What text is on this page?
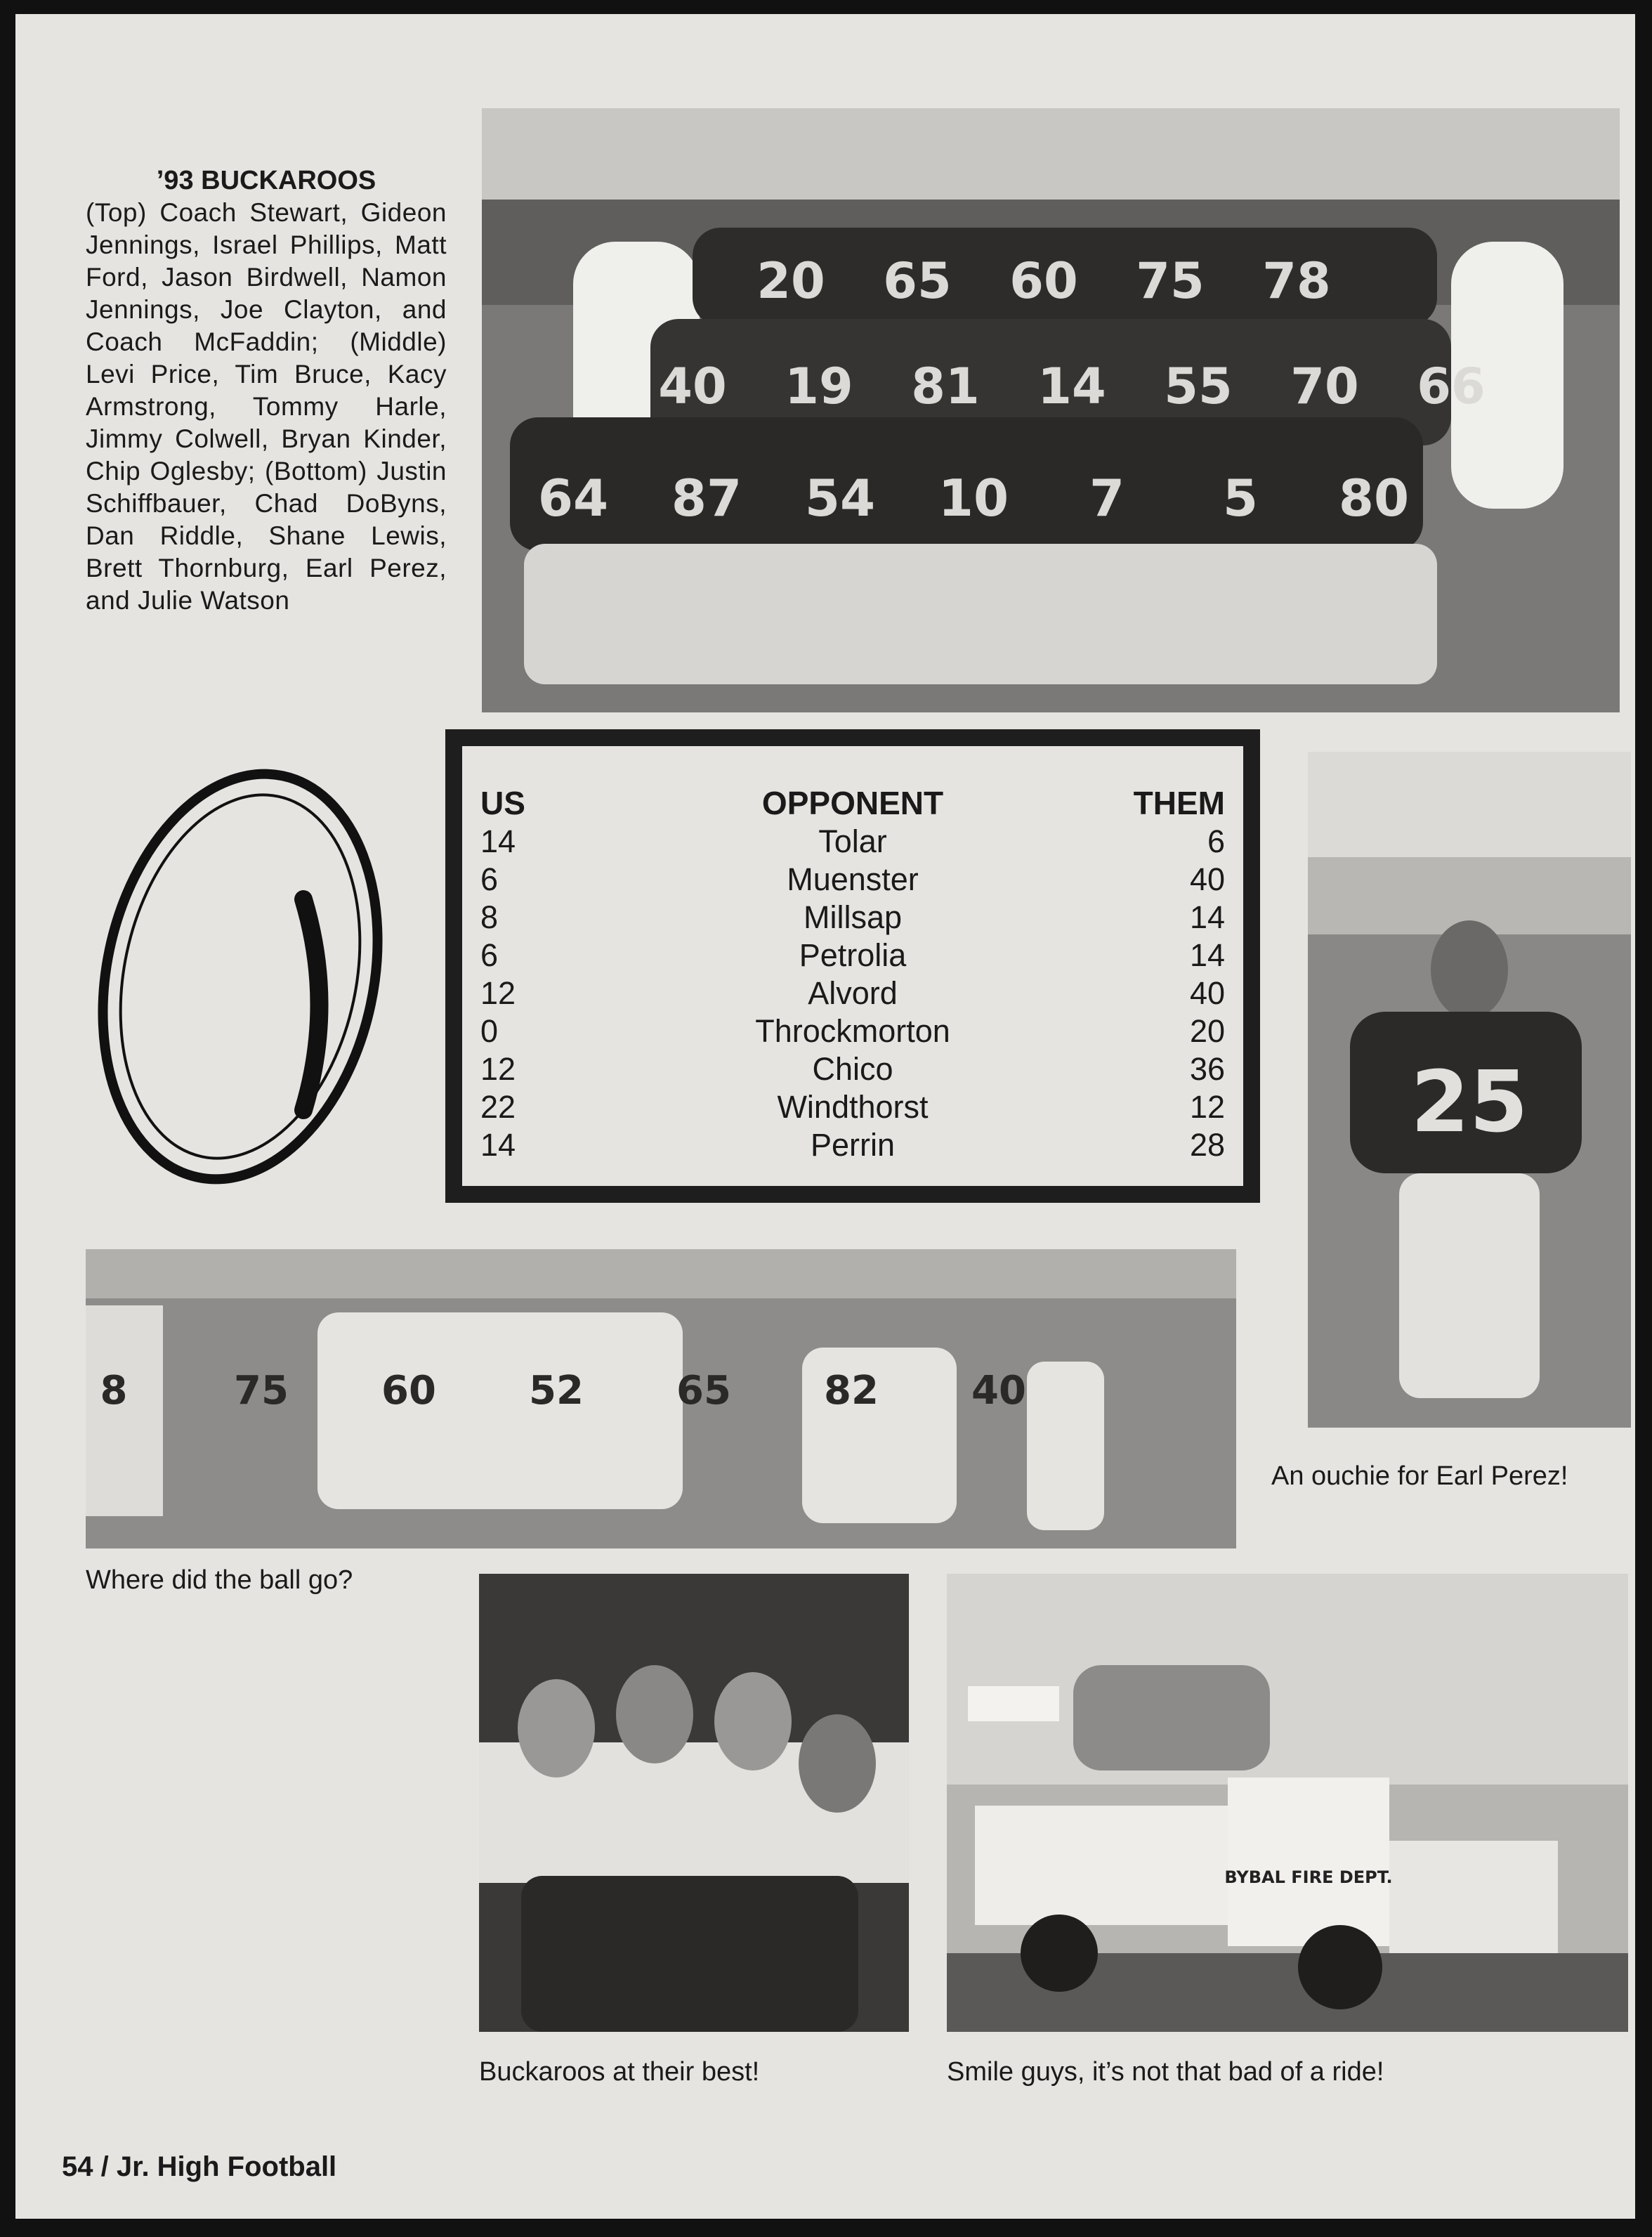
’93 BUCKAROOS
(Top) Coach Stewart, Gideon Jennings, Israel Phillips, Matt Ford, Jason Birdwell, Namon Jennings, Joe Clayton, and Coach McFaddin; (Middle) Levi Price, Tim Bruce, Kacy Armstrong, Tommy Harle, Jimmy Colwell, Bryan Kinder, Chip Oglesby; (Bottom) Justin Schiffbauer, Chad DoByns, Dan Riddle, Shane Lewis, Brett Thornburg, Earl Perez, and Julie Watson
20 65 60 75 78
40 19 81 14 55 70 66
64 87 54 10 7 5 80
US	OPPONENT	THEM
14	Tolar	6
6	Muenster	40
8	Millsap	14
6	Petrolia	14
12	Alvord	40
0	Throckmorton	20
12	Chico	36
22	Windthorst	12
14	Perrin	28 25
8	75 60 52 65 82 40
BYBAL FIRE DEPT.
An ouchie for Earl Perez!
Where did the ball go?
Buckaroos at their best!	Smile guys, it’s not that bad of a ride!
54 / Jr. High Football
